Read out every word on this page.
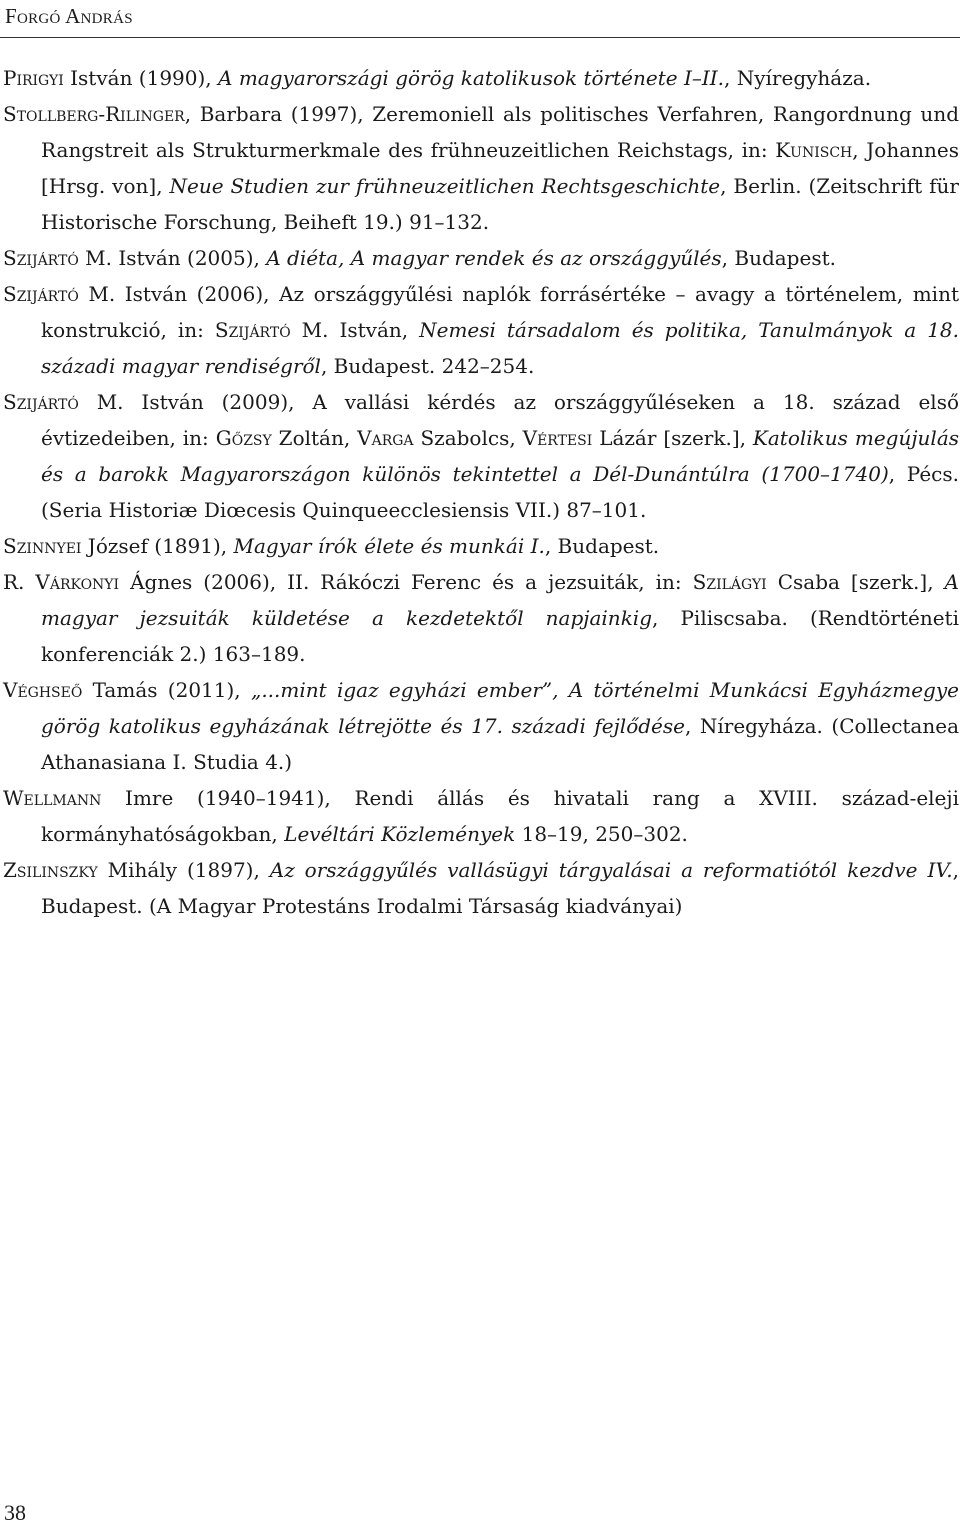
Forgó András

Pirigyi István (1990), A magyarországi görög katolikusok története I–II., Nyíregyháza.

Stollberg-Rilinger, Barbara (1997), Zeremoniell als politisches Verfahren, Rangordnung und Rangstreit als Strukturmerkmale des frühneuzeitlichen Reichstags, in: Kunisch, Johannes [Hrsg. von], Neue Studien zur frühneuzeitlichen Rechtsgeschichte, Berlin. (Zeitschrift für Historische Forschung, Beiheft 19.) 91–132.

Szijártó M. István (2005), A diéta, A magyar rendek és az országgyűlés, Budapest.

Szijártó M. István (2006), Az országgyűlési naplók forrásértéke – avagy a történelem, mint konstrukció, in: Szijártó M. István, Nemesi társadalom és politika, Tanulmányok a 18. századi magyar rendiségről, Budapest. 242–254.

Szijártó M. István (2009), A vallási kérdés az országgyűléseken a 18. század első évtizedeiben, in: Gőzsy Zoltán, Varga Szabolcs, Vértesi Lázár [szerk.], Katolikus megújulás és a barokk Magyarországon különös tekintettel a Dél-Dunántúlra (1700–1740), Pécs. (Seria Historiæ Diœcesis Quinqueecclesiensis VII.) 87–101.

Szinnyei József (1891), Magyar írók élete és munkái I., Budapest.

R. Várkonyi Ágnes (2006), II. Rákóczi Ferenc és a jezsuiták, in: Szilágyi Csaba [szerk.], A magyar jezsuiták küldetése a kezdetektől napjainkig, Piliscsaba. (Rendtörténeti konferenciák 2.) 163–189.

Véghseő Tamás (2011), „...mint igaz egyházi ember”, A történelmi Munkácsi Egyházmegye görög katolikus egyházának létrejötte és 17. századi fejlődése, Níregyháza. (Collectanea Athanasiana I. Studia 4.)

Wellmann Imre (1940–1941), Rendi állás és hivatali rang a XVIII. század-eleji kormányhatóságokban, Levéltári Közlemények 18–19, 250–302.

Zsilinszky Mihály (1897), Az országgyűlés vallásügyi tárgyalásai a reformatiótól kezdve IV., Budapest. (A Magyar Protestáns Irodalmi Társaság kiadványai)

38
